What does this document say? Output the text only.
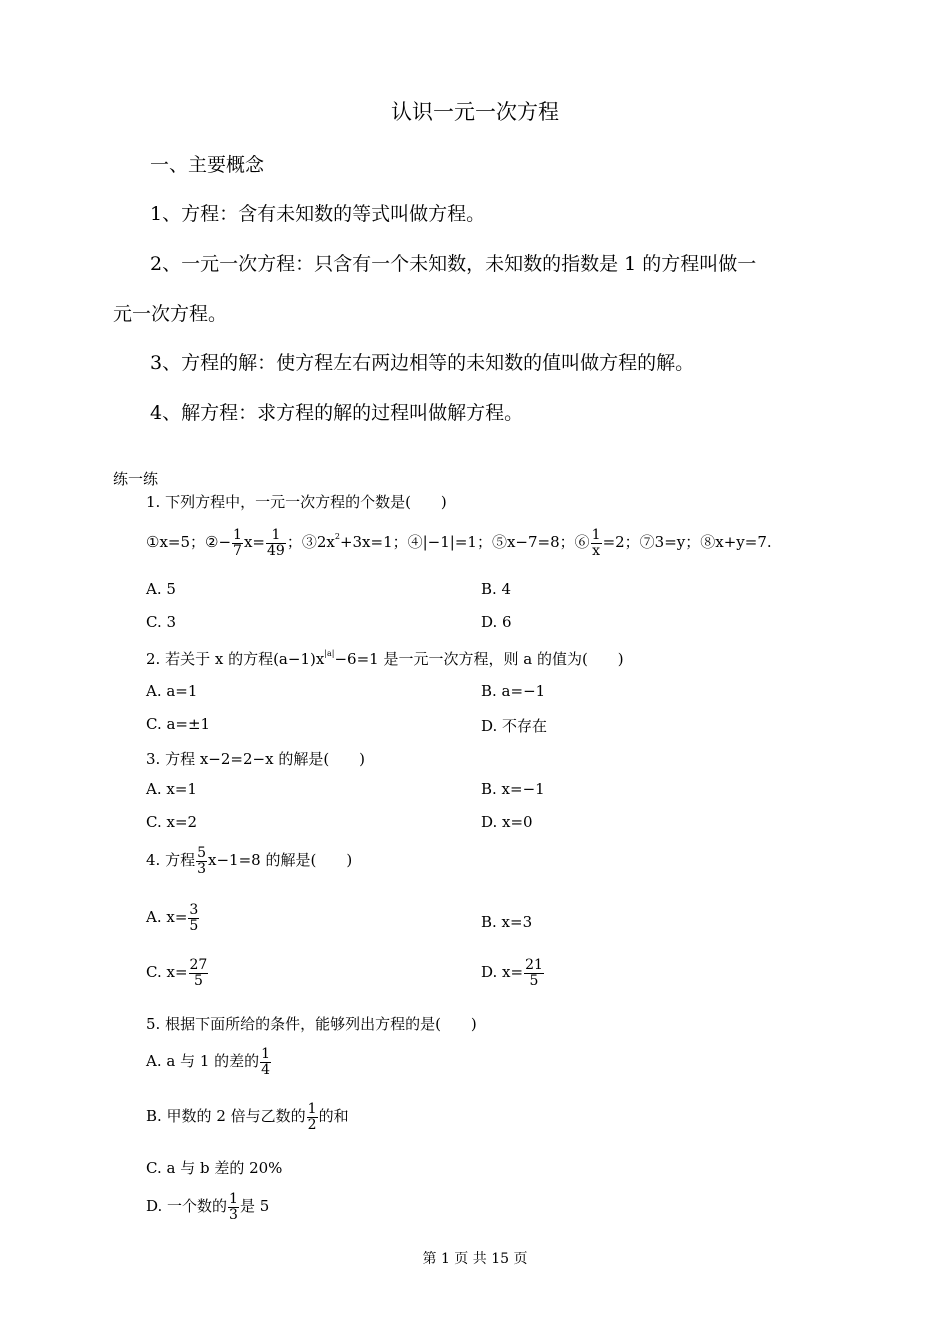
认识一元一次方程
一、主要概念
1、方程：含有未知数的等式叫做方程。
2、一元一次方程：只含有一个未知数，未知数的指数是 1 的方程叫做一
元一次方程。
3、方程的解：使方程左右两边相等的未知数的值叫做方程的解。
4、解方程：求方程的解的过程叫做解方程。
练一练
1. 下列方程中，一元一次方程的个数是(　　)
①x=5；②− $\frac{1}{7} x= \frac{1}{49}$ ；$③2x^2+3x=1$；④|−1|=1；⑤x−7=8；⑥ $\frac{1}{x} =2$；⑦3=y；⑧x+y=7.
A. 5	B. 4
C. 3	D. 6
2. 若关于 x 的方程$(a-1)x^{|a|}-6=1$ 是一元一次方程，则 a 的值为(　　)
A. a=1	B. a=−1
C. a=±1	D. 不存在
3. 方程 x−2=2−x 的解是(　　)
A. x=1	B. x=−1
C. x=2	D. x=0
4. 方程 $\frac{5}{3} x-1=8$ 的解是(　　)
A. $x= \frac{3}{5}$	B. x=3
C. $x= \frac{27}{5}$	D. $x= \frac{21}{5}$
5. 根据下面所给的条件，能够列出方程的是(　　)
A. a 与 1 的差的 $\frac{1}{4}$
B. 甲数的 2 倍与乙数的 $\frac{1}{2}$ 的和
C. a 与 b 差的 20%
D. 一个数的 $\frac{1}{3}$ 是 5
第 1 页 共 15 页
